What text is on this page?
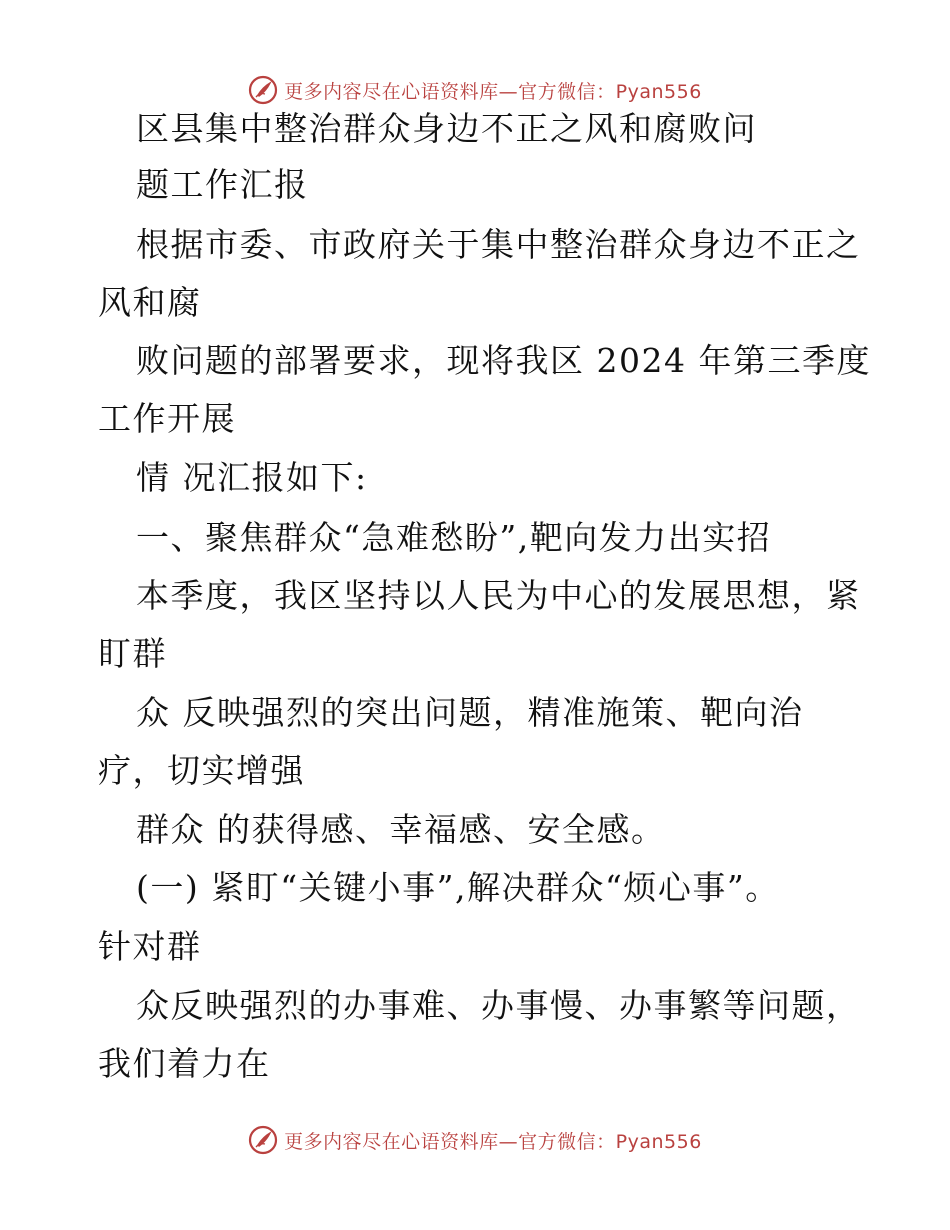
更多内容尽在心语资料库—官方微信：Pyan556
区县集中整治群众身边不正之风和腐败问
题工作汇报
根据市委、市政府关于集中整治群众身边不正之
风和腐
败问题的部署要求，现将我区 2024 年第三季度
工作开展
情 况汇报如下:
一、聚焦群众“急难愁盼”,靶向发力出实招
本季度，我区坚持以人民为中心的发展思想，紧
盯群
众 反映强烈的突出问题，精准施策、靶向治
疗，切实增强
群众 的获得感、幸福感、安全感。
(一) 紧盯“关键小事”,解决群众“烦心事”。
针对群
众反映强烈的办事难、办事慢、办事繁等问题，
我们着力在
更多内容尽在心语资料库—官方微信：Pyan556
